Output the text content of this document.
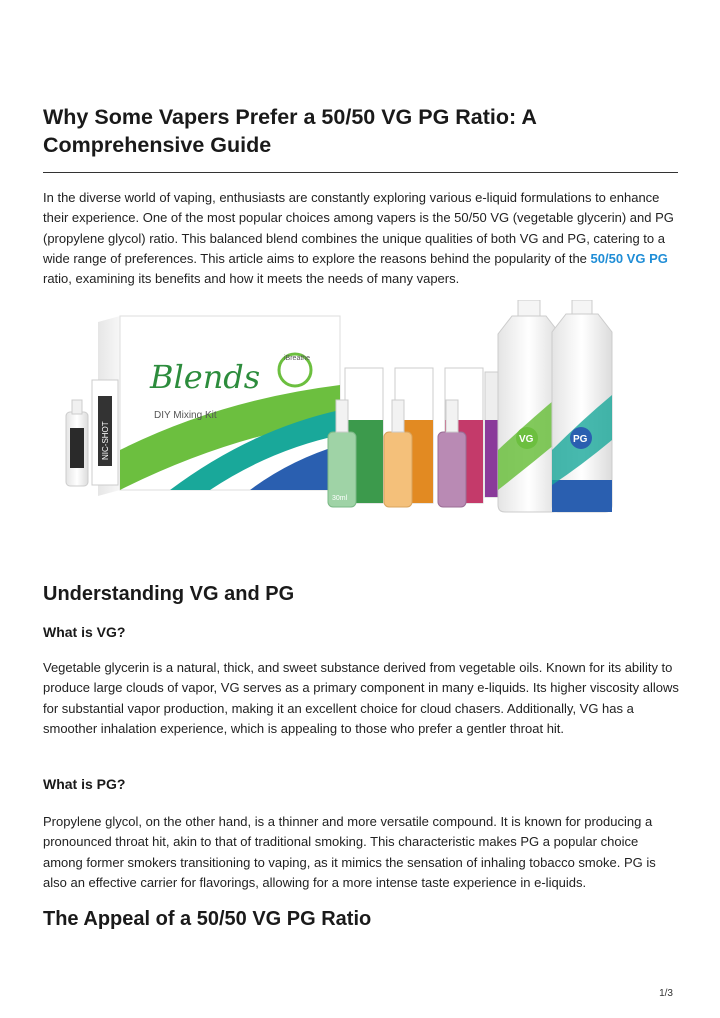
Why Some Vapers Prefer a 50/50 VG PG Ratio: A Comprehensive Guide

In the diverse world of vaping, enthusiasts are constantly exploring various e-liquid formulations to enhance their experience. One of the most popular choices among vapers is the 50/50 VG (vegetable glycerin) and PG (propylene glycol) ratio. This balanced blend combines the unique qualities of both VG and PG, catering to a wide range of preferences. This article aims to explore the reasons behind the popularity of the 50/50 VG PG ratio, examining its benefits and how it meets the needs of many vapers.

Blends
DIY Mixing Kit
iBreathe
NIC-SHOT
30ml
VG	PG
Understanding VG and PG
What is VG?

Vegetable glycerin is a natural, thick, and sweet substance derived from vegetable oils. Known for its ability to produce large clouds of vapor, VG serves as a primary component in many e-liquids. Its higher viscosity allows for substantial vapor production, making it an excellent choice for cloud chasers. Additionally, VG has a smoother inhalation experience, which is appealing to those who prefer a gentler throat hit.

What is PG?

Propylene glycol, on the other hand, is a thinner and more versatile compound. It is known for producing a pronounced throat hit, akin to that of traditional smoking. This characteristic makes PG a popular choice among former smokers transitioning to vaping, as it mimics the sensation of inhaling tobacco smoke. PG is also an effective carrier for flavorings, allowing for a more intense taste experience in e-liquids.

The Appeal of a 50/50 VG PG Ratio
1/3
